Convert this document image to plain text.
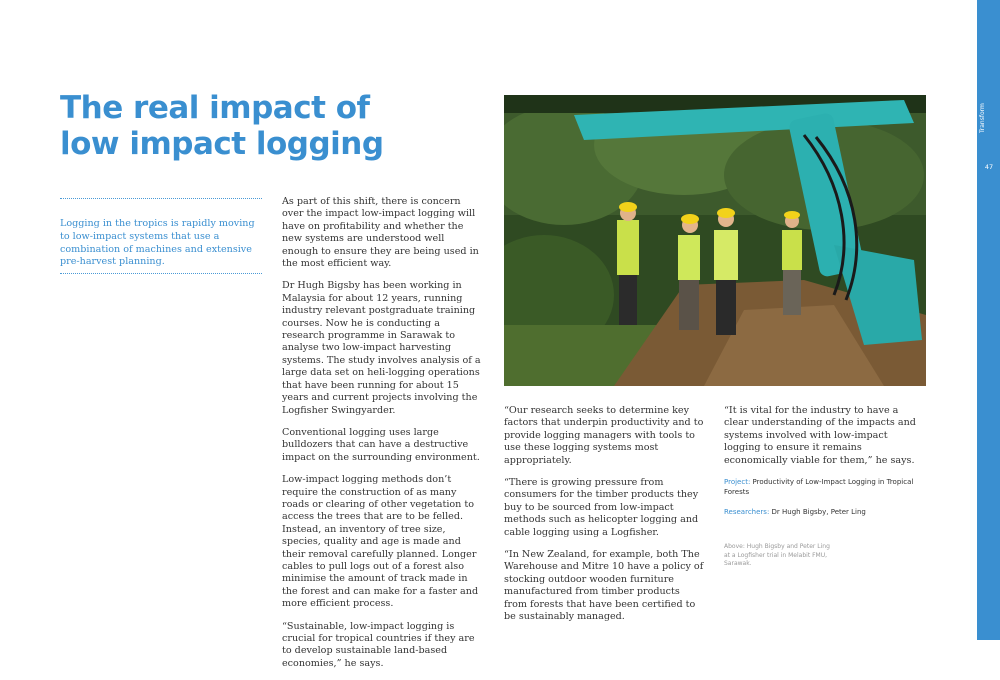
The real impact of
low impact logging

Logging in the tropics is rapidly moving to low-impact systems that use a combination of machines and extensive pre-harvest planning.

As part of this shift, there is concern over the impact low-impact logging will have on profitability and whether the new systems are understood well enough to ensure they are being used in the most efficient way.

Dr Hugh Bigsby has been working in Malaysia for about 12 years, running industry relevant postgraduate training courses. Now he is conducting a research programme in Sarawak to analyse two low-impact harvesting systems. The study involves analysis of a large data set on heli-logging operations that have been running for about 15 years and current projects involving the Logfisher Swingyarder.

Conventional logging uses large bulldozers that can have a destructive impact on the surrounding environment.

Low-impact logging methods don’t require the construction of as many roads or clearing of other vegetation to access the trees that are to be felled. Instead, an inventory of tree size, species, quality and age is made and their removal carefully planned. Longer cables to pull logs out of a forest also minimise the amount of track made in the forest and can make for a faster and more efficient process.

“Sustainable, low-impact logging is crucial for tropical countries if they are to develop sustainable land-based economies,” he says.

“Our research seeks to determine key factors that underpin productivity and to provide logging managers with tools to use these logging systems most appropriately.

“There is growing pressure from consumers for the timber products they buy to be sourced from low-impact methods such as helicopter logging and cable logging using a Logfisher.

“In New Zealand, for example, both The Warehouse and Mitre 10 have a policy of stocking outdoor wooden furniture manufactured from timber products from forests that have been certified to be sustainably managed.

“It is vital for the industry to have a clear understanding of the impacts and systems involved with low-impact logging to ensure it remains economically viable for them,” he says.

Project: Productivity of Low-Impact Logging in Tropical Forests

Researchers: Dr Hugh Bigsby, Peter Ling

Above: Hugh Bigsby and Peter Ling at a Logfisher trial in Melabit FMU, Sarawak.
Transform
47
